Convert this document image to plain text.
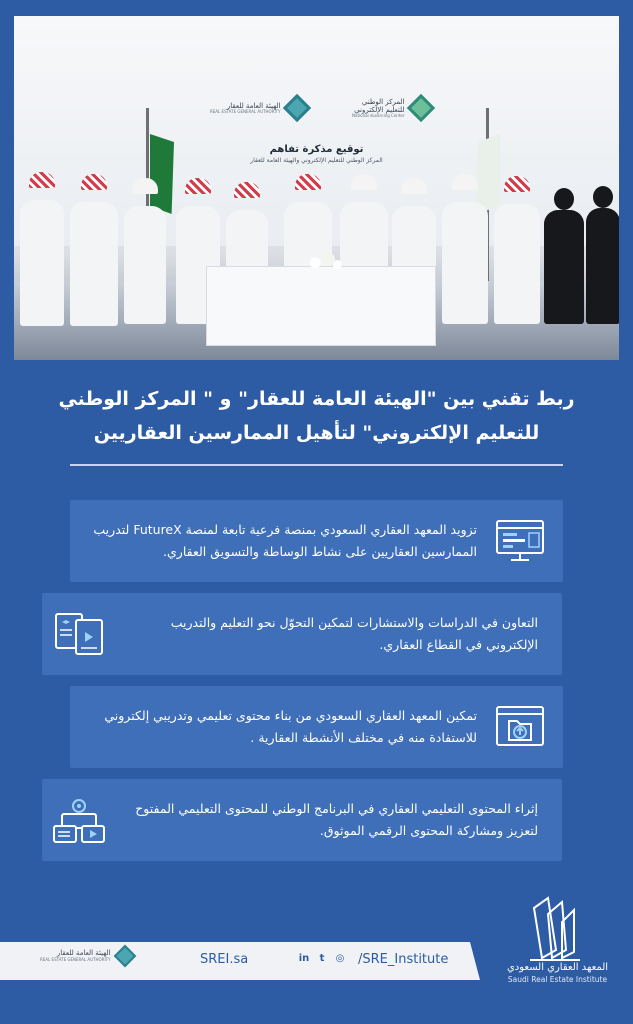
الهيئة العامة للعقار
REAL ESTATE GENERAL AUTHORITY
المركز الوطني
للتعليم الإلكتروني
National eLearning Center
توقيع مذكرة تفاهم
المركز الوطني للتعليم الإلكتروني والهيئة العامة للعقار
ربط تقني بين "الهيئة العامة للعقار" و " المركز الوطني
للتعليم الإلكتروني" لتأهيل الممارسين العقاريين
تزويد المعهد العقاري السعودي بمنصة فرعية تابعة لمنصة FutureX لتدريب الممارسين العقاريين على نشاط الوساطة والتسويق العقاري.
التعاون في الدراسات والاستشارات لتمكين التحوّل نحو التعليم والتدريب الإلكتروني في القطاع العقاري.
تمكين المعهد العقاري السعودي من بناء محتوى تعليمي وتدريبي إلكتروني للاستفادة منه في مختلف الأنشطة العقارية .
إثراء المحتوى التعليمي العقاري في البرنامج الوطني للمحتوى التعليمي المفتوح لتعزيز ومشاركة المحتوى الرقمي الموثوق.
الهيئة العامة للعقار
REAL ESTATE GENERAL AUTHORITY	SREI.sa	in	t	◎ /SRE_Institute
المعهد العقاري السعودي
Saudi Real Estate Institute
